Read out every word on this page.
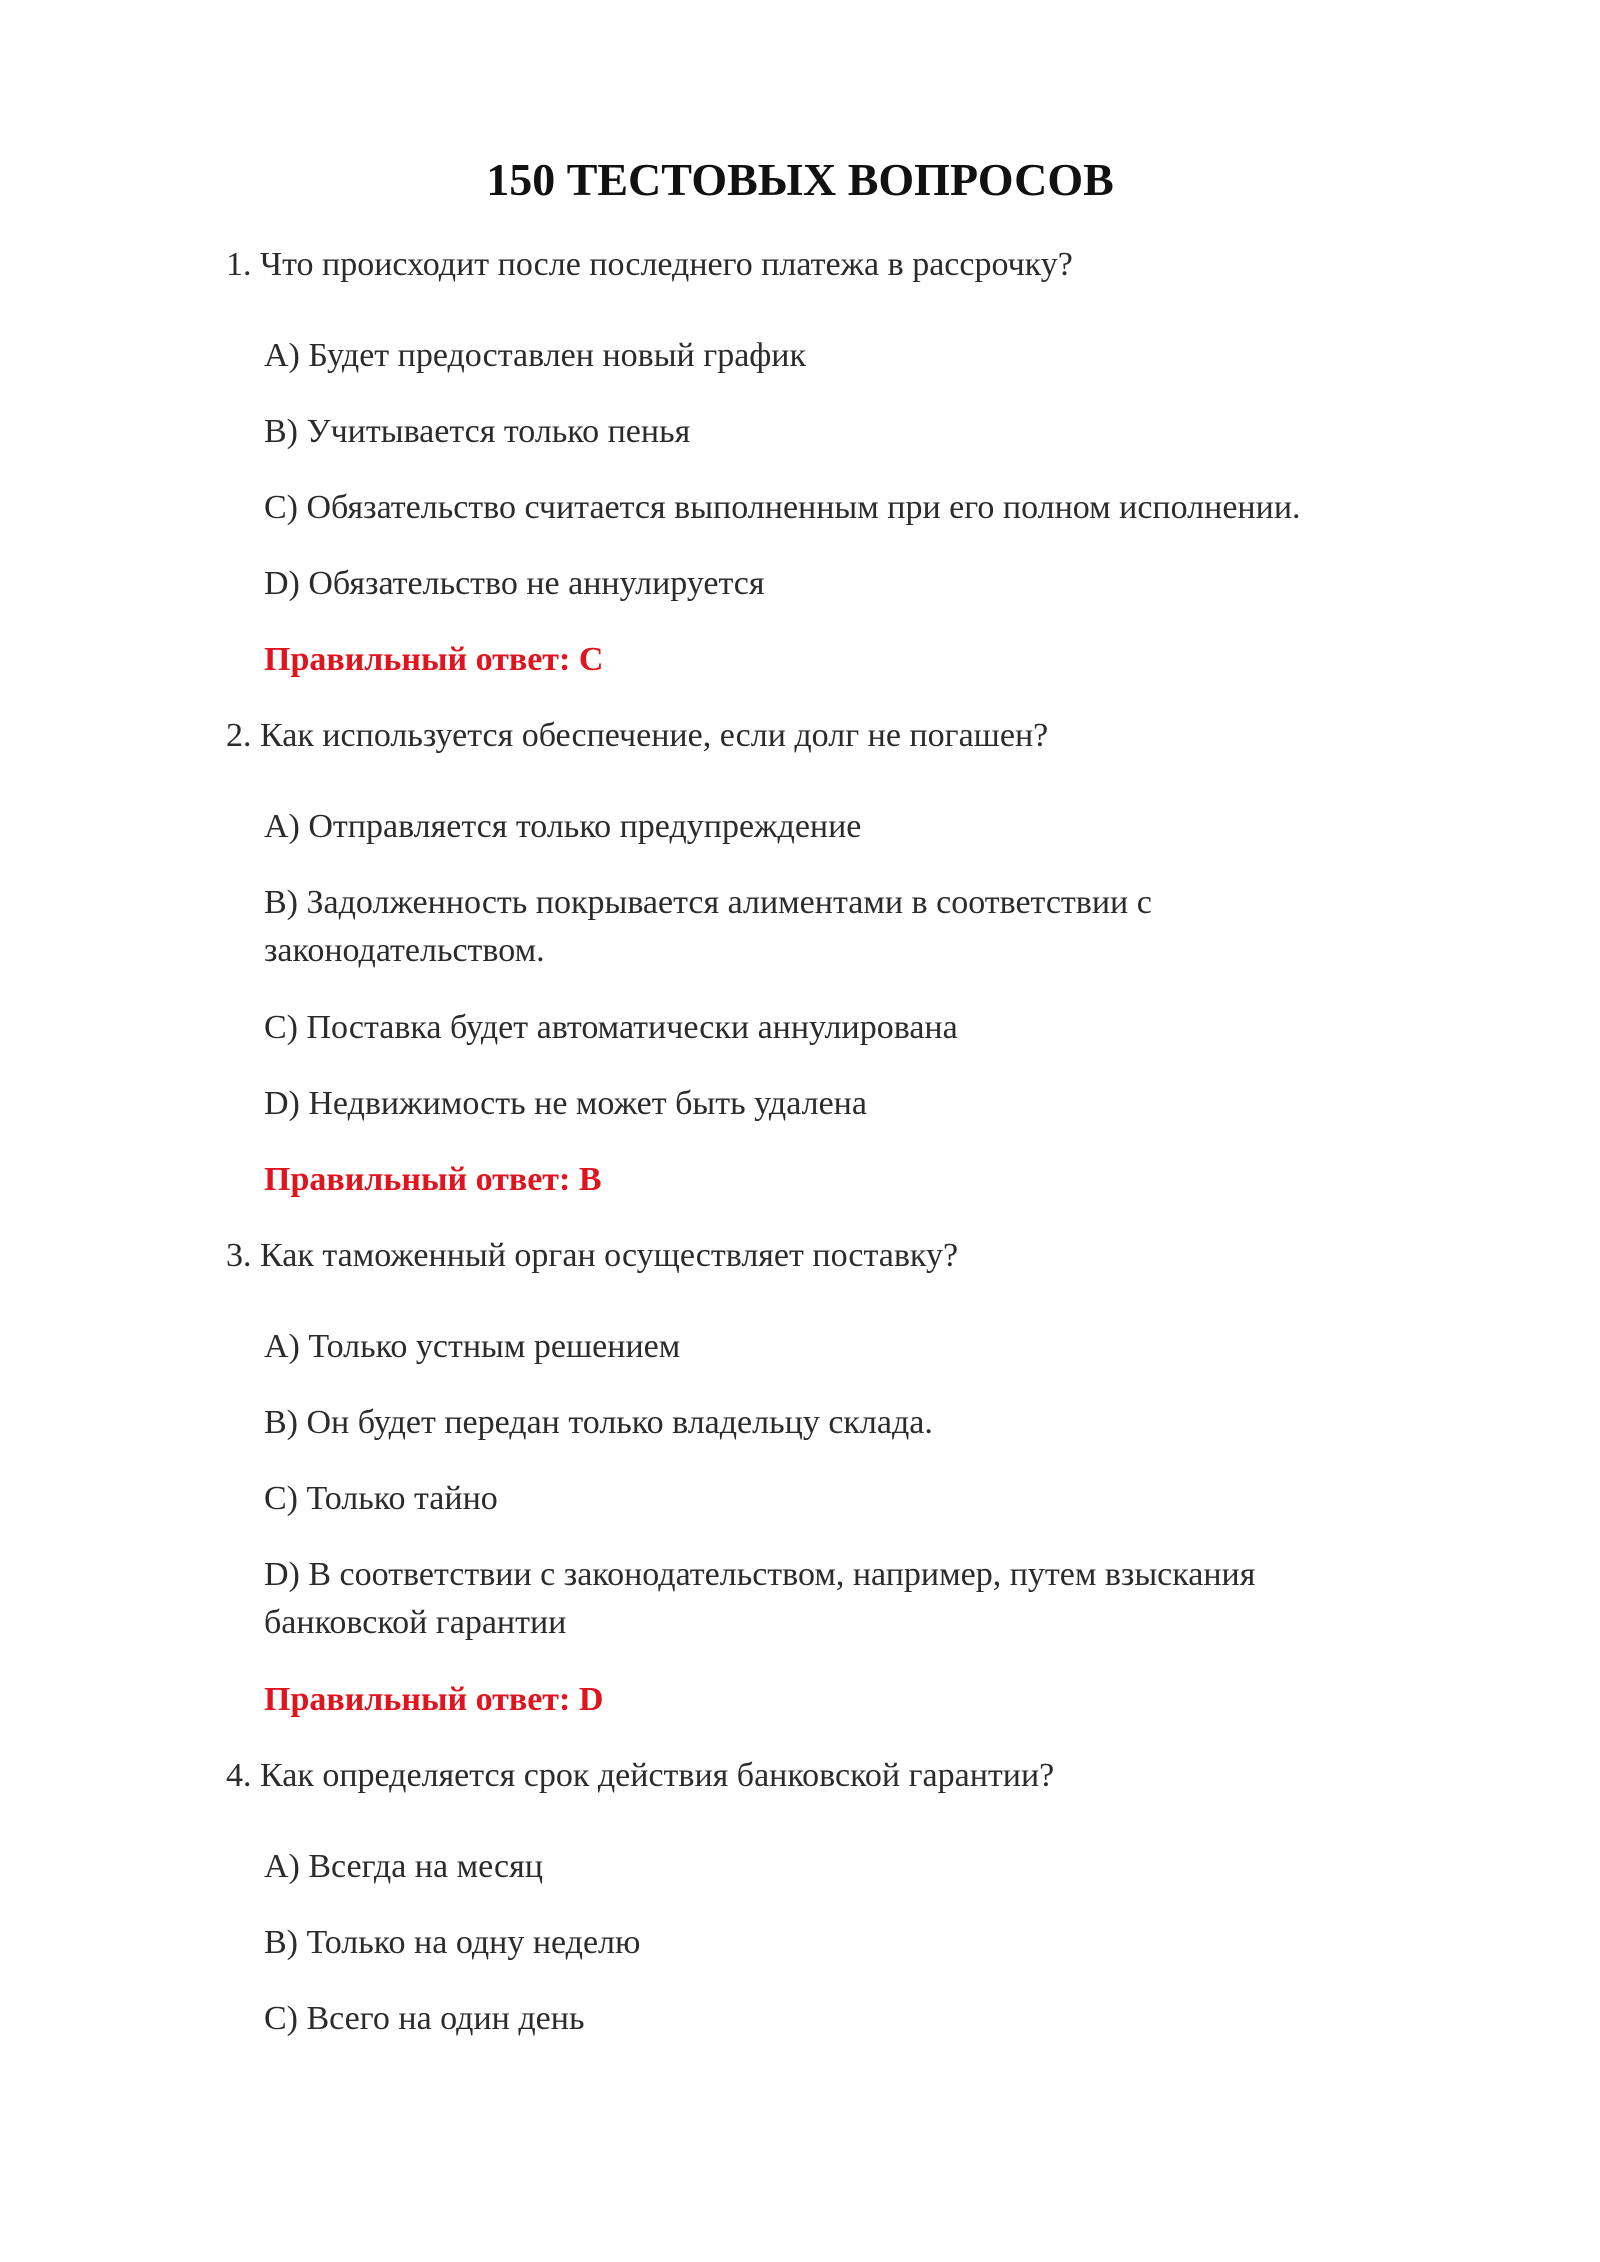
150 ТЕСТОВЫХ ВОПРОСОВ

1. Что происходит после последнего платежа в рассрочку?

A) Будет предоставлен новый график

B) Учитывается только пенья

C) Обязательство считается выполненным при его полном исполнении.

D) Обязательство не аннулируется

Правильный ответ: C

2. Как используется обеспечение, если долг не погашен?

A) Отправляется только предупреждение

B) Задолженность покрывается алиментами в соответствии с законодательством.

C) Поставка будет автоматически аннулирована

D) Недвижимость не может быть удалена

Правильный ответ: B

3. Как таможенный орган осуществляет поставку?

A) Только устным решением

B) Он будет передан только владельцу склада.

C) Только тайно

D) В соответствии с законодательством, например, путем взыскания банковской гарантии

Правильный ответ: D

4. Как определяется срок действия банковской гарантии?

A) Всегда на месяц

B) Только на одну неделю

C) Всего на один день
